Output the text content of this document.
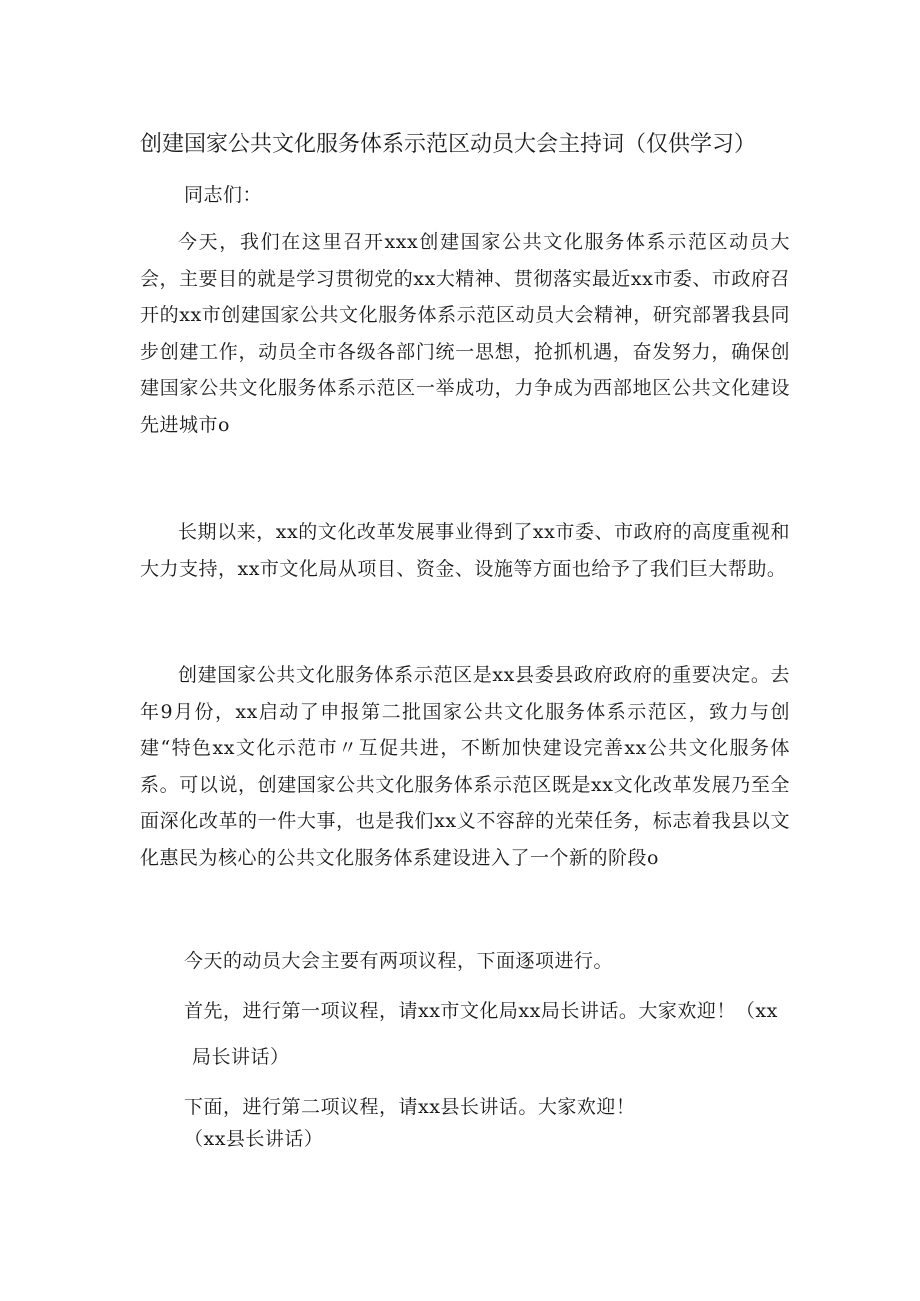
创建国家公共文化服务体系示范区动员大会主持词（仅供学习）

同志们：

今天，我们在这里召开xxx创建国家公共文化服务体系示范区动员大会，主要目的就是学习贯彻党的xx大精神、贯彻落实最近xx市委、市政府召开的xx市创建国家公共文化服务体系示范区动员大会精神，研究部署我县同步创建工作，动员全市各级各部门统一思想，抢抓机遇，奋发努力，确保创建国家公共文化服务体系示范区一举成功，力争成为西部地区公共文化建设先进城市ο

长期以来，xx的文化改革发展事业得到了xx市委、市政府的高度重视和大力支持，xx市文化局从项目、资金、设施等方面也给予了我们巨大帮助。

创建国家公共文化服务体系示范区是xx县委县政府政府的重要决定。去年9月份，xx启动了申报第二批国家公共文化服务体系示范区，致力与创建“特色xx文化示范市〃互促共进，不断加快建设完善xx公共文化服务体系。可以说，创建国家公共文化服务体系示范区既是xx文化改革发展乃至全面深化改革的一件大事，也是我们xx义不容辞的光荣任务，标志着我县以文化惠民为核心的公共文化服务体系建设进入了一个新的阶段ο

今天的动员大会主要有两项议程，下面逐项进行。

首先，进行第一项议程，请xx市文化局xx局长讲话。大家欢迎！（xx

局长讲话）

下面，进行第二项议程，请xx县长讲话。大家欢迎！

（xx县长讲话）
